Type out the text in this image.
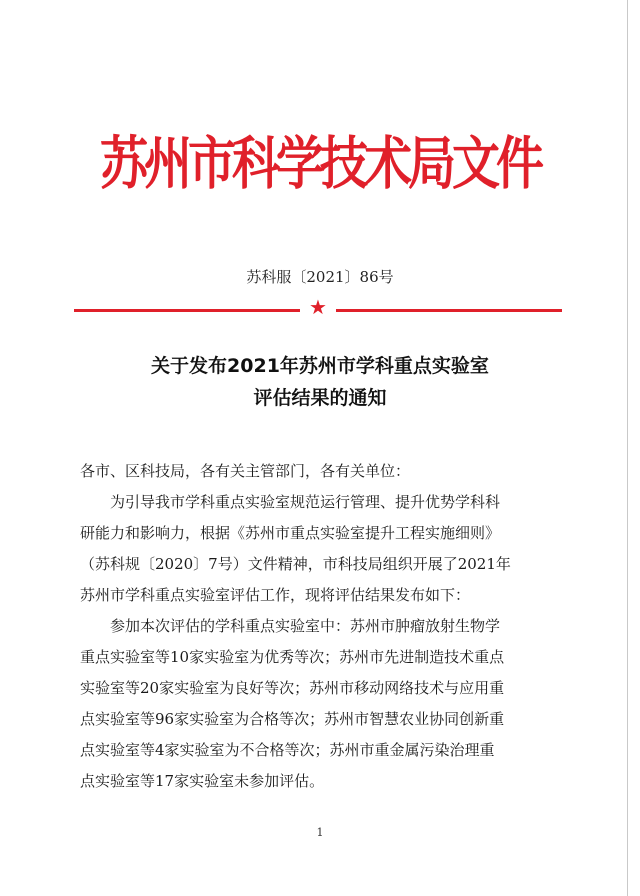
苏州市科学技术局文件
苏科服〔2021〕86号
★
关于发布2021年苏州市学科重点实验室
评估结果的通知
各市、区科技局，各有关主管部门，各有关单位：
为引导我市学科重点实验室规范运行管理、提升优势学科科
研能力和影响力，根据《苏州市重点实验室提升工程实施细则》
（苏科规〔2020〕7号）文件精神，市科技局组织开展了2021年
苏州市学科重点实验室评估工作，现将评估结果发布如下：
参加本次评估的学科重点实验室中：苏州市肿瘤放射生物学
重点实验室等10家实验室为优秀等次；苏州市先进制造技术重点
实验室等20家实验室为良好等次；苏州市移动网络技术与应用重
点实验室等96家实验室为合格等次；苏州市智慧农业协同创新重
点实验室等4家实验室为不合格等次；苏州市重金属污染治理重
点实验室等17家实验室未参加评估。
1
